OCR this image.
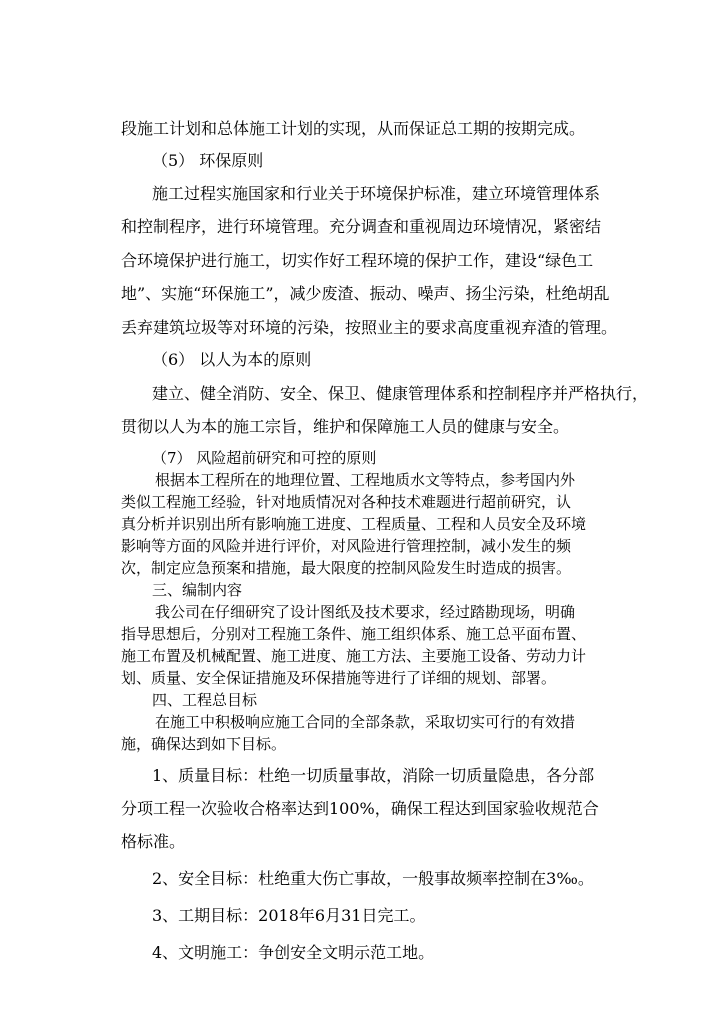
段施工计划和总体施工计划的实现，从而保证总工期的按期完成。

（5） 环保原则

施工过程实施国家和行业关于环境保护标准，建立环境管理体系

和控制程序，进行环境管理。充分调查和重视周边环境情况，紧密结

合环境保护进行施工，切实作好工程环境的保护工作，建设“绿色工

地”、实施“环保施工”，减少废渣、振动、噪声、扬尘污染，杜绝胡乱

丢弃建筑垃圾等对环境的污染，按照业主的要求高度重视弃渣的管理。

（6） 以人为本的原则

建立、健全消防、安全、保卫、健康管理体系和控制程序并严格执行，

贯彻以人为本的施工宗旨，维护和保障施工人员的健康与安全。

（7） 风险超前研究和可控的原则

根据本工程所在的地理位置、工程地质水文等特点，参考国内外

类似工程施工经验，针对地质情况对各种技术难题进行超前研究，认

真分析并识别出所有影响施工进度、工程质量、工程和人员安全及环境

影响等方面的风险并进行评价，对风险进行管理控制，减小发生的频

次，制定应急预案和措施，最大限度的控制风险发生时造成的损害。

三、编制内容

我公司在仔细研究了设计图纸及技术要求，经过踏勘现场，明确

指导思想后，分别对工程施工条件、施工组织体系、施工总平面布置、

施工布置及机械配置、施工进度、施工方法、主要施工设备、劳动力计

划、质量、安全保证措施及环保措施等进行了详细的规划、部署。

四、工程总目标

在施工中积极响应施工合同的全部条款，采取切实可行的有效措

施，确保达到如下目标。

1、质量目标：杜绝一切质量事故，消除一切质量隐患，各分部

分项工程一次验收合格率达到100%，确保工程达到国家验收规范合

格标准。

2、安全目标：杜绝重大伤亡事故，一般事故频率控制在3‰。

3、工期目标：2018年6月31日完工。

4、文明施工：争创安全文明示范工地。
